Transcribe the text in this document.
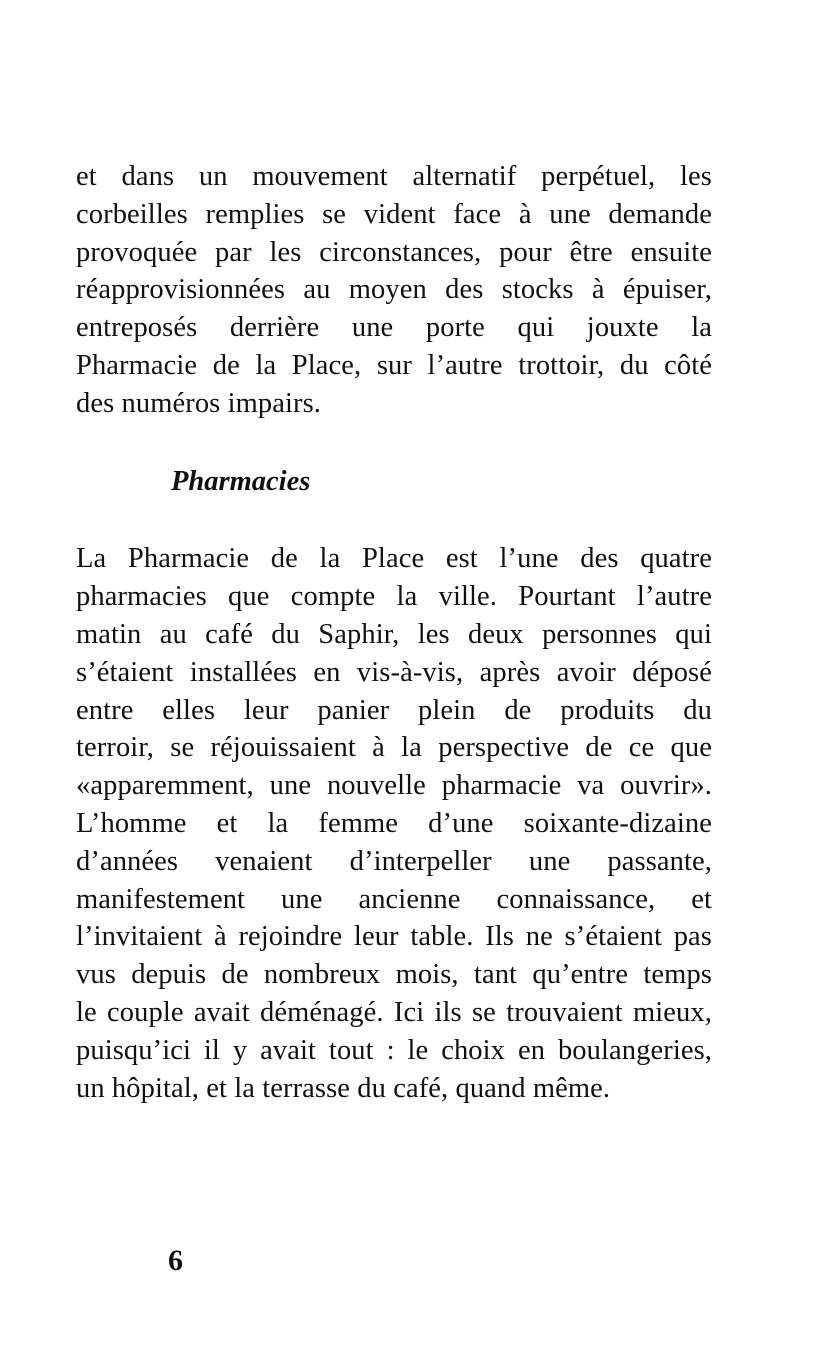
et dans un mouvement alternatif perpétuel, les
corbeilles remplies se vident face à une demande
provoquée par les circonstances, pour être ensuite
réapprovisionnées au moyen des stocks à épuiser,
entreposés derrière une porte qui jouxte la
Pharmacie de la Place, sur l’autre trottoir, du côté
des numéros impairs.

Pharmacies

La Pharmacie de la Place est l’une des quatre
pharmacies que compte la ville. Pourtant l’autre
matin au café du Saphir, les deux personnes qui
s’étaient installées en vis-à-vis, après avoir déposé
entre elles leur panier plein de produits du
terroir, se réjouissaient à la perspective de ce que
«apparemment, une nouvelle pharmacie va ouvrir».
L’homme et la femme d’une soixante-dizaine
d’années venaient d’interpeller une passante,
manifestement une ancienne connaissance, et
l’invitaient à rejoindre leur table. Ils ne s’étaient pas
vus depuis de nombreux mois, tant qu’entre temps
le couple avait déménagé. Ici ils se trouvaient mieux,
puisqu’ici il y avait tout : le choix en boulangeries,
un hôpital, et la terrasse du café, quand même.

6
